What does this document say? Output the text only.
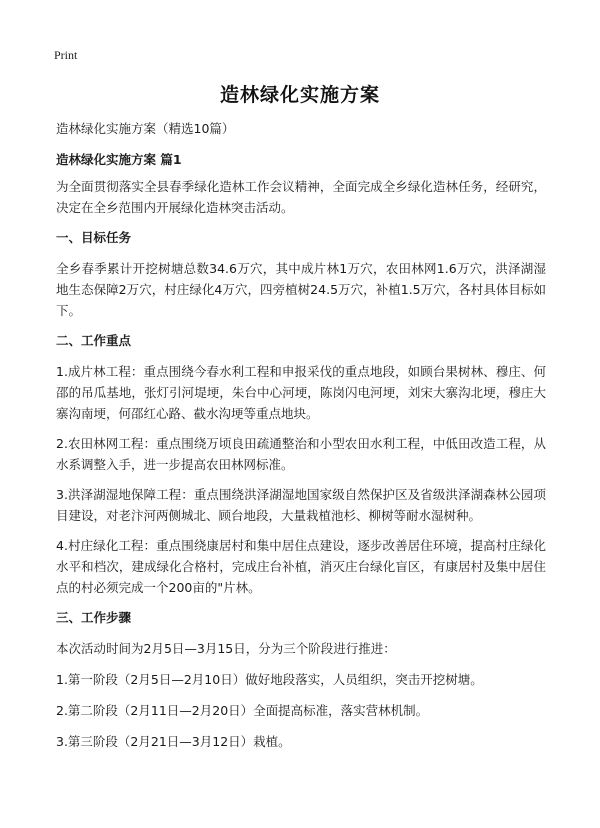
Print
造林绿化实施方案

造林绿化实施方案（精选10篇）

造林绿化实施方案 篇1

为全面贯彻落实全县春季绿化造林工作会议精神，全面完成全乡绿化造林任务，经研究，决定在全乡范围内开展绿化造林突击活动。

一、目标任务

全乡春季累计开挖树塘总数34.6万穴，其中成片林1万穴，农田林网1.6万穴，洪泽湖湿地生态保障2万穴，村庄绿化4万穴，四旁植树24.5万穴，补植1.5万穴，各村具体目标如下。

二、工作重点

1.成片林工程：重点围绕今春水利工程和申报采伐的重点地段，如顾台果树林、穆庄、何邵的吊瓜基地，张灯引河堤埂，朱台中心河埂，陈岗闪电河埂，刘宋大寨沟北埂，穆庄大寨沟南埂，何邵红心路、截水沟埂等重点地块。

2.农田林网工程：重点围绕万顷良田疏通整治和小型农田水利工程，中低田改造工程，从水系调整入手，进一步提高农田林网标准。

3.洪泽湖湿地保障工程：重点围绕洪泽湖湿地国家级自然保护区及省级洪泽湖森林公园项目建设，对老汴河两侧城北、顾台地段，大量栽植池杉、柳树等耐水湿树种。

4.村庄绿化工程：重点围绕康居村和集中居住点建设，逐步改善居住环境，提高村庄绿化水平和档次，建成绿化合格村，完成庄台补植，消灭庄台绿化盲区，有康居村及集中居住点的村必须完成一个200亩的"片林。

三、工作步骤

本次活动时间为2月5日—3月15日，分为三个阶段进行推进：

1.第一阶段（2月5日—2月10日）做好地段落实，人员组织，突击开挖树塘。

2.第二阶段（2月11日—2月20日）全面提高标准，落实营林机制。

3.第三阶段（2月21日—3月12日）栽植。
